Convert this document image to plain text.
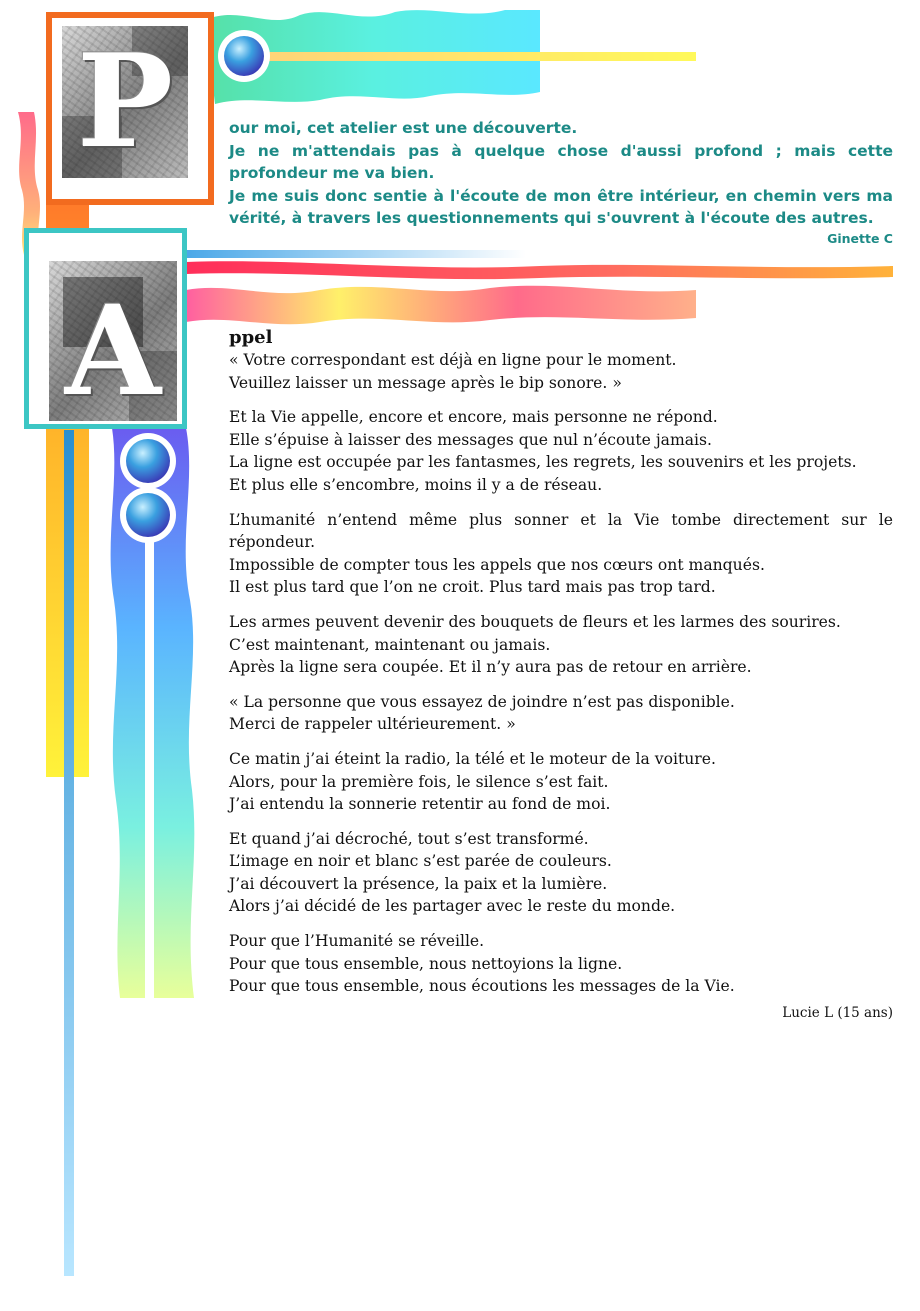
P	our moi, cet atelier est une découverte.

Je ne m'attendais pas à quelque chose d'aussi profond ; mais cette profondeur me va bien.

Je me suis donc sentie à l'écoute de mon être intérieur, en chemin vers ma vérité, à travers les questionnements qui s'ouvrent à l'écoute des autres.

Ginette C

A	ppel
« Votre correspondant est déjà en ligne pour le moment.
Veuillez laisser un message après le bip sonore. »

Et la Vie appelle, encore et encore, mais personne ne répond.
Elle s’épuise à laisser des messages que nul n’écoute jamais.
La ligne est occupée par les fantasmes, les regrets, les souvenirs et les projets.
Et plus elle s’encombre, moins il y a de réseau.

L’humanité n’entend même plus sonner et la Vie tombe directement sur le répondeur.
Impossible de compter tous les appels que nos cœurs ont manqués.
Il est plus tard que l’on ne croit. Plus tard mais pas trop tard.

Les armes peuvent devenir des bouquets de fleurs et les larmes des sourires.
C’est maintenant, maintenant ou jamais.
Après la ligne sera coupée. Et il n’y aura pas de retour en arrière.

« La personne que vous essayez de joindre n’est pas disponible.
Merci de rappeler ultérieurement. »

Ce matin j’ai éteint la radio, la télé et le moteur de la voiture.
Alors, pour la première fois, le silence s’est fait.
J’ai entendu la sonnerie retentir au fond de moi.

Et quand j’ai décroché, tout s’est transformé.
L’image en noir et blanc s’est parée de couleurs.
J’ai découvert la présence, la paix et la lumière.
Alors j’ai décidé de les partager avec le reste du monde.

Pour que l’Humanité se réveille.
Pour que tous ensemble, nous nettoyions la ligne.
Pour que tous ensemble, nous écoutions les messages de la Vie.

Lucie L (15 ans)
